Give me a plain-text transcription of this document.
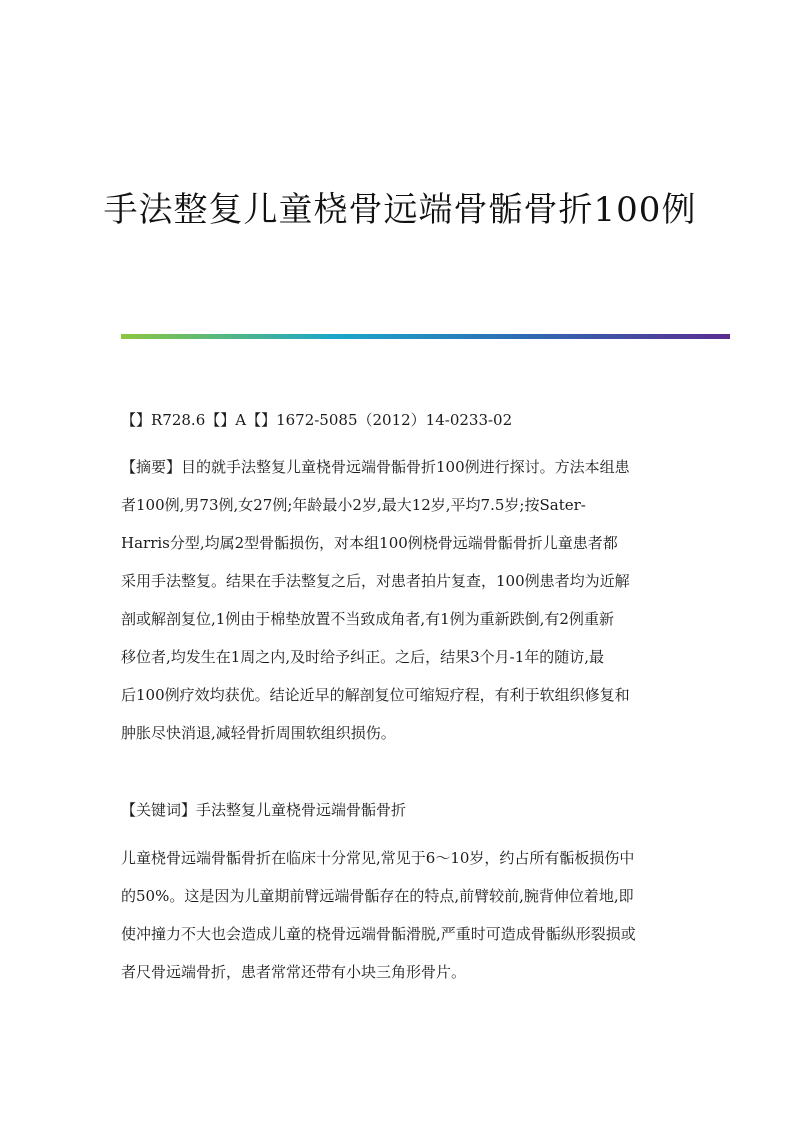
手法整复儿童桡骨远端骨骺骨折100例
【】R728.6【】A【】1672-5085（2012）14-0233-02
【摘要】目的就手法整复儿童桡骨远端骨骺骨折100例进行探讨。方法本组患
者100例,男73例,女27例;年龄最小2岁,最大12岁,平均7.5岁;按Sater-
Harris分型,均属2型骨骺损伤，对本组100例桡骨远端骨骺骨折儿童患者都
采用手法整复。结果在手法整复之后，对患者拍片复查，100例患者均为近解
剖或解剖复位,1例由于棉垫放置不当致成角者,有1例为重新跌倒,有2例重新
移位者,均发生在1周之内,及时给予纠正。之后，结果3个月-1年的随访,最
后100例疗效均获优。结论近早的解剖复位可缩短疗程，有利于软组织修复和
肿胀尽快消退,减轻骨折周围软组织损伤。
【关键词】手法整复儿童桡骨远端骨骺骨折
儿童桡骨远端骨骺骨折在临床十分常见,常见于6～10岁，约占所有骺板损伤中
的50%。这是因为儿童期前臂远端骨骺存在的特点,前臂较前,腕背伸位着地,即
使冲撞力不大也会造成儿童的桡骨远端骨骺滑脱,严重时可造成骨骺纵形裂损或
者尺骨远端骨折，患者常常还带有小块三角形骨片。
